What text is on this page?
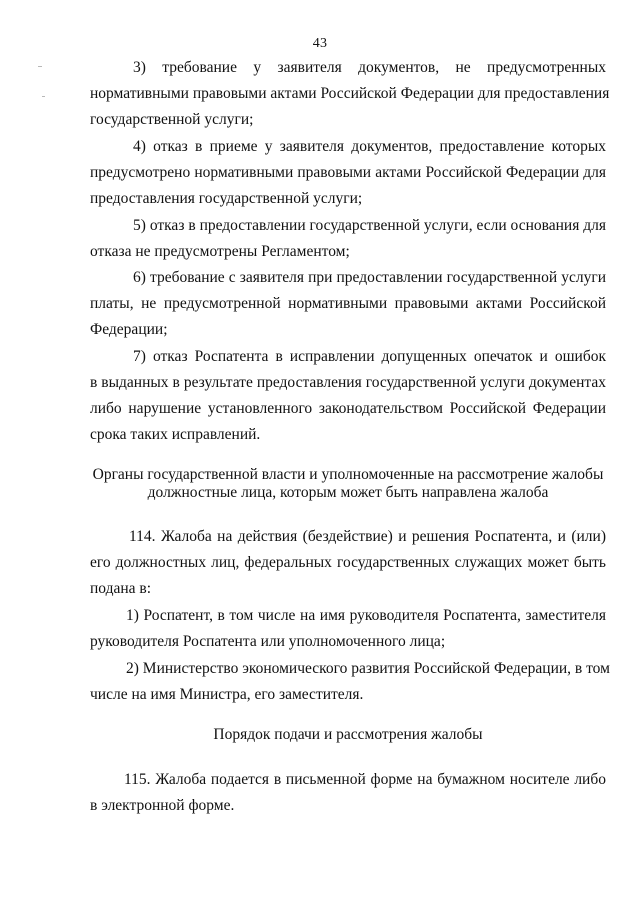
43
3) требование у заявителя документов, не предусмотренных
нормативными правовыми актами Российской Федерации для предоставления
государственной услуги;
4) отказ в приеме у заявителя документов, предоставление которых
предусмотрено нормативными правовыми актами Российской Федерации для
предоставления государственной услуги;
5) отказ в предоставлении государственной услуги, если основания для
отказа не предусмотрены Регламентом;
6) требование с заявителя при предоставлении государственной услуги
платы, не предусмотренной нормативными правовыми актами Российской
Федерации;
7) отказ Роспатента в исправлении допущенных опечаток и ошибок
в выданных в результате предоставления государственной услуги документах
либо нарушение установленного законодательством Российской Федерации
срока таких исправлений.
Органы государственной власти и уполномоченные на рассмотрение жалобы
должностные лица, которым может быть направлена жалоба
114. Жалоба на действия (бездействие) и решения Роспатента, и (или)
его должностных лиц, федеральных государственных служащих может быть
подана в:
1) Роспатент, в том числе на имя руководителя Роспатента, заместителя
руководителя Роспатента или уполномоченного лица;
2) Министерство экономического развития Российской Федерации, в том
числе на имя Министра, его заместителя.
Порядок подачи и рассмотрения жалобы
115. Жалоба подается в письменной форме на бумажном носителе либо
в электронной форме.
